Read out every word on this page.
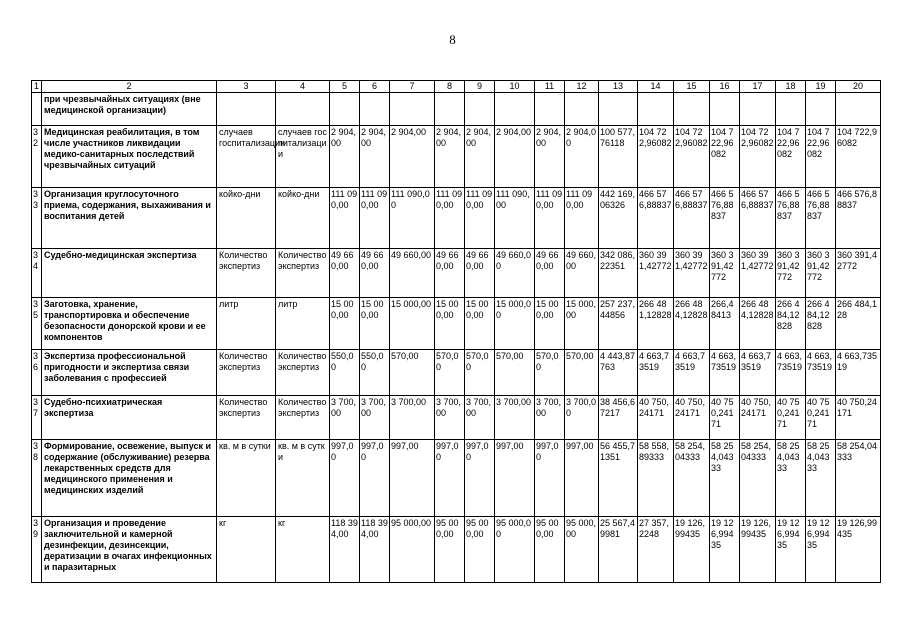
8
1	2	3	4	5	6	7	8	9	10	11	12	13	14	15	16	17	18	19	20
	при чрезвычайных ситуациях (вне медицинской организации)																		
32	Медицинская реабилитация, в том числе участников ликвидации медико-санитарных последствий чрезвычайных ситуаций	случаев госпитализации	случаев госпитализации	2 904,00	2 904,00	2 904,00	2 904,00	2 904,00	2 904,00	2 904,00	2 904,00	100 577,76118	104 722,96082	104 722,96082	104 722,96082	104 722,96082	104 722,96082	104 722,96082	104 722,96082
33	Организация круглосуточного приема, содержания, выхаживания и воспитания детей	койко-дни	койко-дни	111 090,00	111 090,00	111 090,00	111 090,00	111 090,00	111 090,00	111 090,00	111 090,00	442 169,06326	466 576,88837	466 576,88837	466 576,88837	466 576,88837	466 576,88837	466 576,88837	466 576,88837
34	Судебно-медицинская экспертиза	Количество экспертиз	Количество экспертиз	49 660,00	49 660,00	49 660,00	49 660,00	49 660,00	49 660,00	49 660,00	49 660,00	342 086,22351	360 391,42772	360 391,42772	360 391,42772	360 391,42772	360 391,42772	360 391,42772	360 391,42772
35	Заготовка, хранение, транспортировка и обеспечение безопасности донорской крови и ее компонентов	литр	литр	15 000,00	15 000,00	15 000,00	15 000,00	15 000,00	15 000,00	15 000,00	15 000,00	257 237,44856	266 481,12828	266 484,12828	266,48413	266 484,12828	266 484,12828	266 484,12828	266 484,128
36	Экспертиза профессиональной пригодности и экспертиза связи заболевания с профессией	Количество экспертиз	Количество экспертиз	550,00	550,00	570,00	570,00	570,00	570,00	570,00	570,00	4 443,87763	4 663,73519	4 663,73519	4 663,73519	4 663,73519	4 663,73519	4 663,73519	4 663,73519
37	Судебно-психиатрическая экспертиза	Количество экспертиз	Количество экспертиз	3 700,00	3 700,00	3 700,00	3 700,00	3 700,00	3 700,00	3 700,00	3 700,00	38 456,67217	40 750,24171	40 750,24171	40 750,24171	40 750,24171	40 750,24171	40 750,24171	40 750,24171
38	Формирование, освежение, выпуск и содержание (обслуживание) резерва лекарственных средств для медицинского применения и медицинских изделий	кв. м в сутки	кв. м в сутки	997,00	997,00	997,00	997,00	997,00	997,00	997,00	997,00	56 455,71351	58 558,89333	58 254,04333	58 254,04333	58 254,04333	58 254,04333	58 254,04333	58 254,04333
39	Организация и проведение заключительной и камерной дезинфекции, дезинсекции, дератизации в очагах инфекционных и паразитарных	кг	кг	118 394,00	118 394,00	95 000,00	95 000,00	95 000,00	95 000,00	95 000,00	95 000,00	25 567,49981	27 357,2248	19 126,99435	19 126,99435	19 126,99435	19 126,99435	19 126,99435	19 126,99435
